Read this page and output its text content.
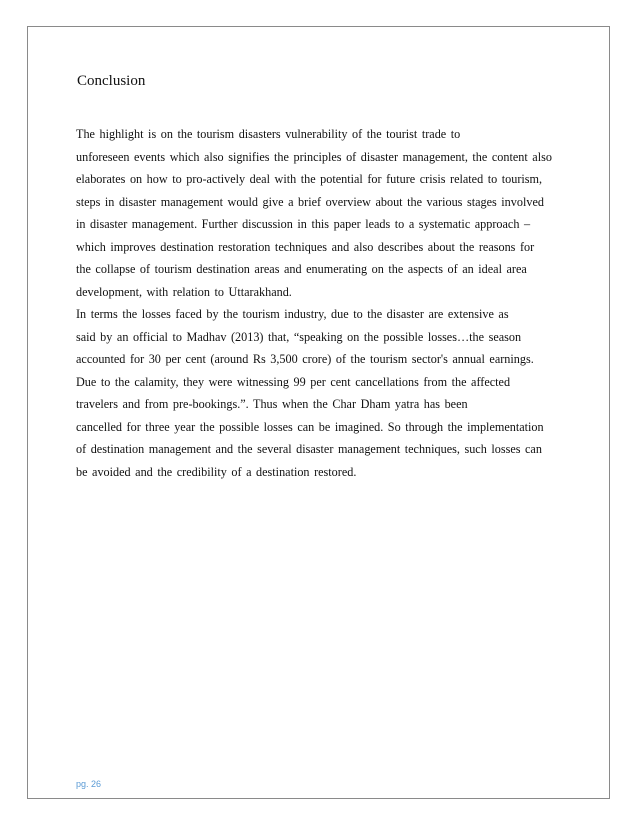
Conclusion
The highlight is on the tourism disasters vulnerability of the tourist trade to
unforeseen events which also signifies the principles of disaster management, the content also
elaborates on how to pro-actively deal with the potential for future crisis related to tourism,
steps in disaster management would give a brief overview about the various stages involved
in disaster management. Further discussion in this paper leads to a systematic approach –
which improves destination restoration techniques and also describes about the reasons for
the collapse of tourism destination areas and enumerating on the aspects of an ideal area
development, with relation to Uttarakhand.
In terms the losses faced by the tourism industry, due to the disaster are extensive as
said by an official to Madhav (2013) that, “speaking on the possible losses…the season
accounted for 30 per cent (around Rs 3,500 crore) of the tourism sector's annual earnings.
Due to the calamity, they were witnessing 99 per cent cancellations from the affected
travelers and from pre-bookings.”. Thus when the Char Dham yatra has been
cancelled for three year the possible losses can be imagined. So through the implementation
of destination management and the several disaster management techniques, such losses can
be avoided and the credibility of a destination restored.
pg. 26
